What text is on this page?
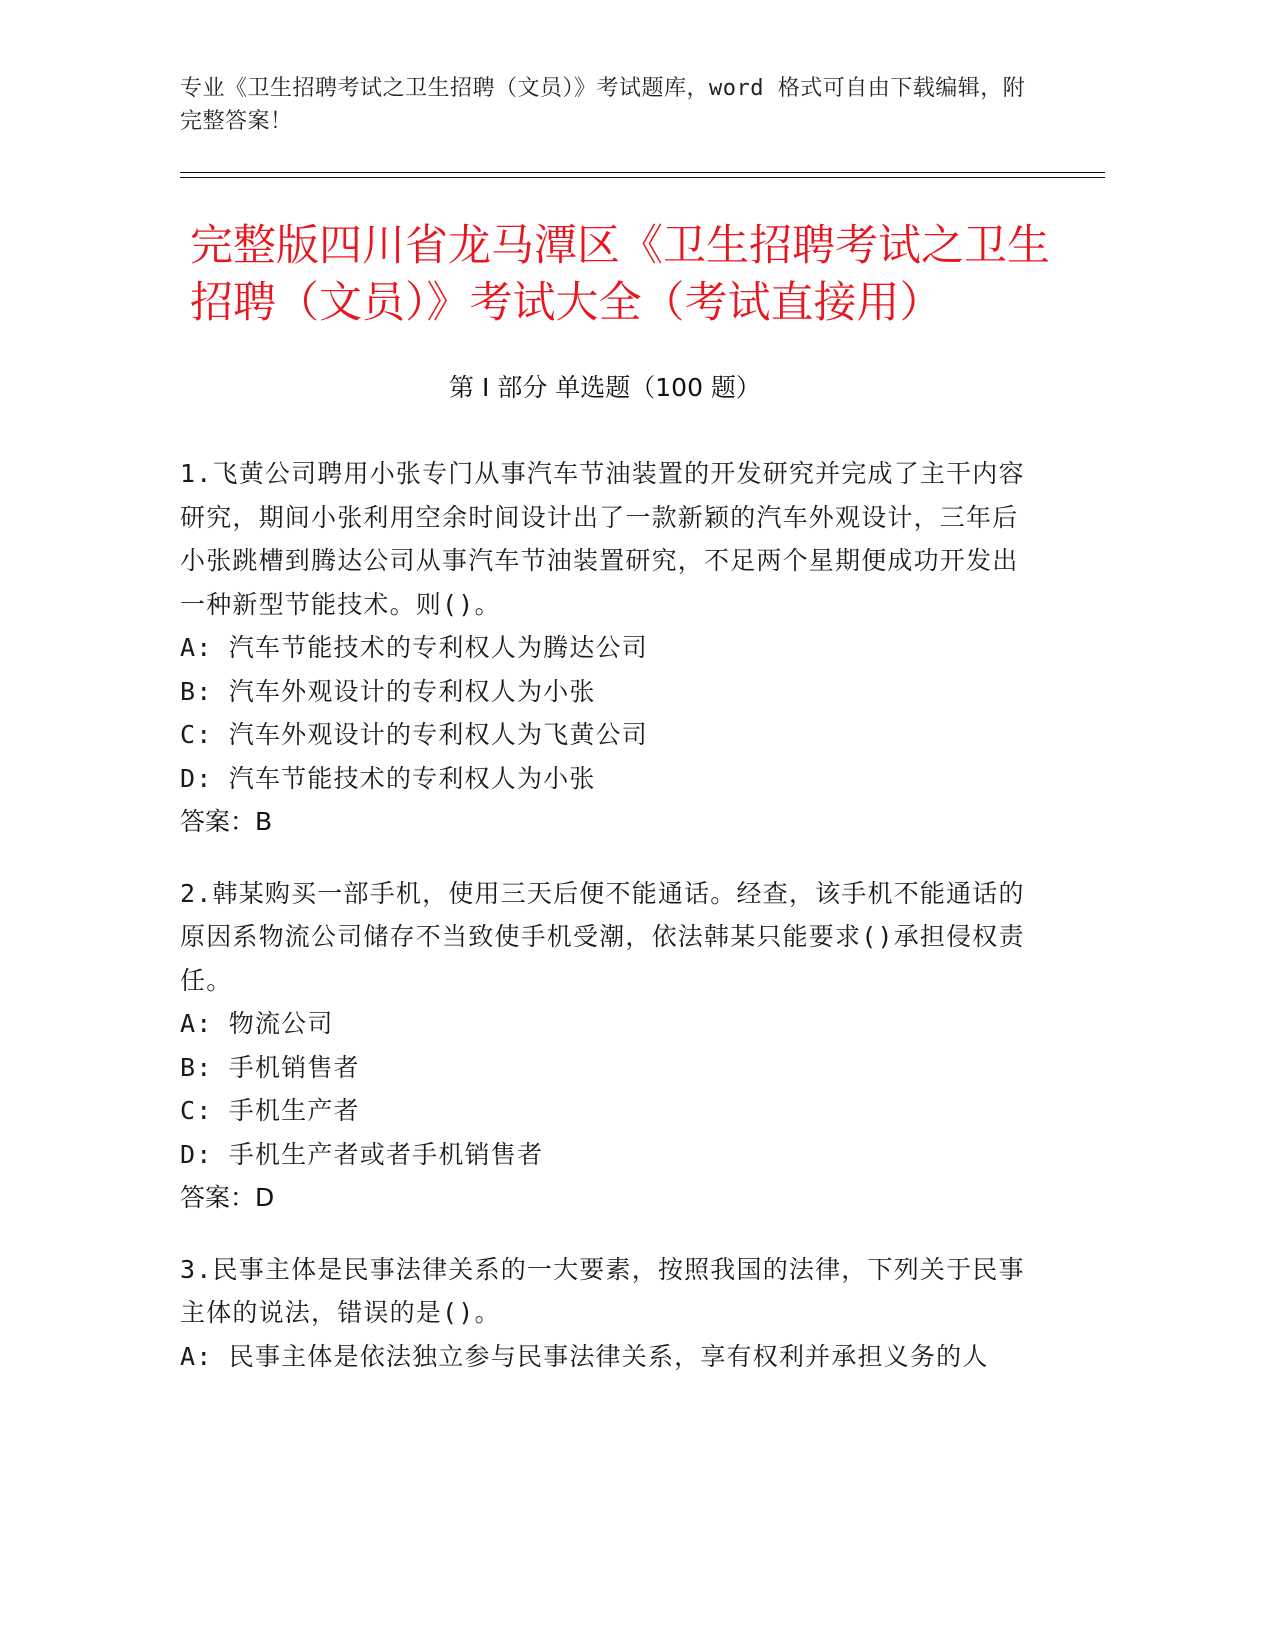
专业《卫生招聘考试之卫生招聘（文员）》考试题库，word 格式可自由下载编辑，附完整答案！

完整版四川省龙马潭区《卫生招聘考试之卫生招聘（文员）》考试大全（考试直接用）
第 I 部分 单选题（100 题）

1.飞黄公司聘用小张专门从事汽车节油装置的开发研究并完成了主干内容研究，期间小张利用空余时间设计出了一款新颖的汽车外观设计，三年后小张跳槽到腾达公司从事汽车节油装置研究，不足两个星期便成功开发出一种新型节能技术。则()。

A: 汽车节能技术的专利权人为腾达公司

B: 汽车外观设计的专利权人为小张

C: 汽车外观设计的专利权人为飞黄公司

D: 汽车节能技术的专利权人为小张

答案：B

2.韩某购买一部手机，使用三天后便不能通话。经查，该手机不能通话的原因系物流公司储存不当致使手机受潮，依法韩某只能要求()承担侵权责任。

A: 物流公司

B: 手机销售者

C: 手机生产者

D: 手机生产者或者手机销售者

答案：D

3.民事主体是民事法律关系的一大要素，按照我国的法律，下列关于民事主体的说法，错误的是()。

A: 民事主体是依法独立参与民事法律关系，享有权利并承担义务的人
